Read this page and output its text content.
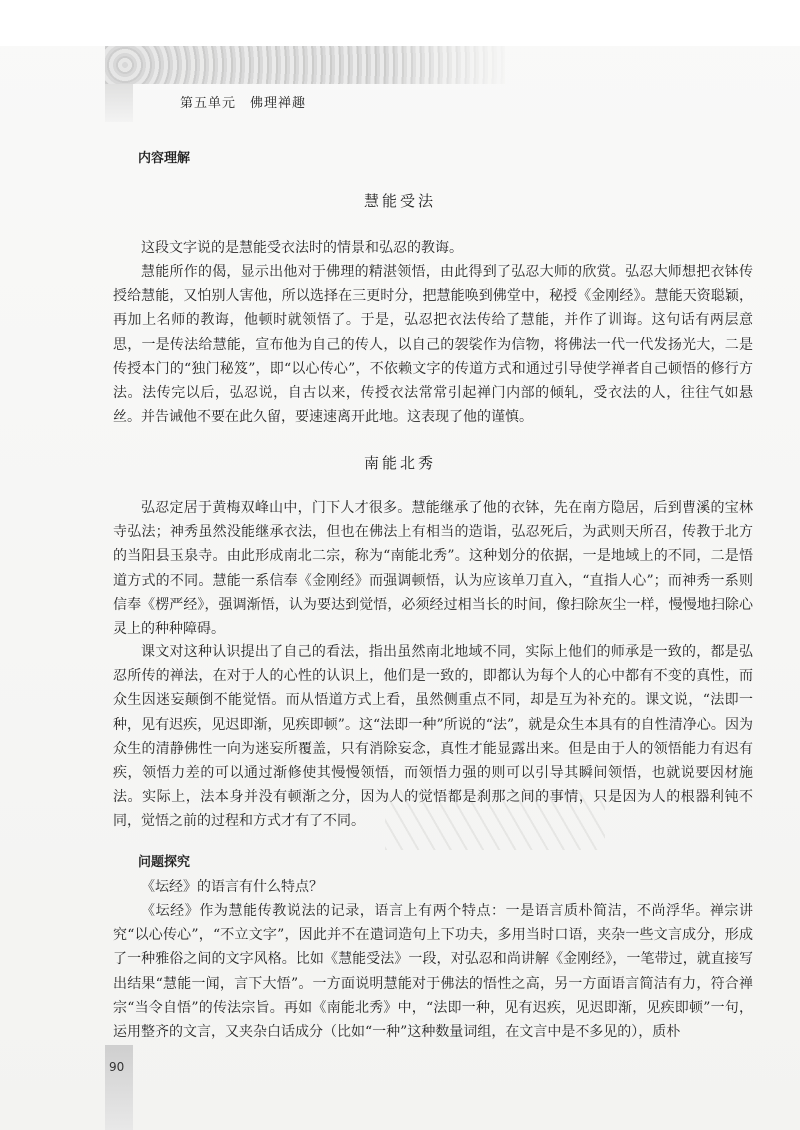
第五单元　佛理禅趣
内容理解
慧能受法

这段文字说的是慧能受衣法时的情景和弘忍的教诲。

慧能所作的偈，显示出他对于佛理的精湛领悟，由此得到了弘忍大师的欣赏。弘忍大师想把衣钵传授给慧能，又怕别人害他，所以选择在三更时分，把慧能唤到佛堂中，秘授《金刚经》。慧能天资聪颖，再加上名师的教诲，他顿时就领悟了。于是，弘忍把衣法传给了慧能，并作了训诲。这句话有两层意思，一是传法给慧能，宣布他为自己的传人，以自己的袈裟作为信物，将佛法一代一代发扬光大，二是传授本门的“独门秘笈”，即“以心传心”，不依赖文字的传道方式和通过引导使学禅者自己顿悟的修行方法。法传完以后，弘忍说，自古以来，传授衣法常常引起禅门内部的倾轧，受衣法的人，往往气如悬丝。并告诫他不要在此久留，要速速离开此地。这表现了他的谨慎。

南能北秀

弘忍定居于黄梅双峰山中，门下人才很多。慧能继承了他的衣钵，先在南方隐居，后到曹溪的宝林寺弘法；神秀虽然没能继承衣法，但也在佛法上有相当的造诣，弘忍死后，为武则天所召，传教于北方的当阳县玉泉寺。由此形成南北二宗，称为“南能北秀”。这种划分的依据，一是地域上的不同，二是悟道方式的不同。慧能一系信奉《金刚经》而强调顿悟，认为应该单刀直入，“直指人心”；而神秀一系则信奉《楞严经》，强调渐悟，认为要达到觉悟，必须经过相当长的时间，像扫除灰尘一样，慢慢地扫除心灵上的种种障碍。

课文对这种认识提出了自己的看法，指出虽然南北地域不同，实际上他们的师承是一致的，都是弘忍所传的禅法，在对于人的心性的认识上，他们是一致的，即都认为每个人的心中都有不变的真性，而众生因迷妄颠倒不能觉悟。而从悟道方式上看，虽然侧重点不同，却是互为补充的。课文说，“法即一种，见有迟疾，见迟即渐，见疾即顿”。这“法即一种”所说的“法”，就是众生本具有的自性清净心。因为众生的清静佛性一向为迷妄所覆盖，只有消除妄念，真性才能显露出来。但是由于人的领悟能力有迟有疾，领悟力差的可以通过渐修使其慢慢领悟，而领悟力强的则可以引导其瞬间领悟，也就说要因材施法。实际上，法本身并没有顿渐之分，因为人的觉悟都是刹那之间的事情，只是因为人的根器利钝不同，觉悟之前的过程和方式才有了不同。

问题探究

《坛经》的语言有什么特点？

《坛经》作为慧能传教说法的记录，语言上有两个特点：一是语言质朴简洁，不尚浮华。禅宗讲究“以心传心”，“不立文字”，因此并不在遣词造句上下功夫，多用当时口语，夹杂一些文言成分，形成了一种雅俗之间的文字风格。比如《慧能受法》一段，对弘忍和尚讲解《金刚经》，一笔带过，就直接写出结果“慧能一闻，言下大悟”。一方面说明慧能对于佛法的悟性之高，另一方面语言简洁有力，符合禅宗“当令自悟”的传法宗旨。再如《南能北秀》中，“法即一种，见有迟疾，见迟即渐，见疾即顿”一句，运用整齐的文言，又夹杂白话成分（比如“一种”这种数量词组，在文言中是不多见的），质朴

90
